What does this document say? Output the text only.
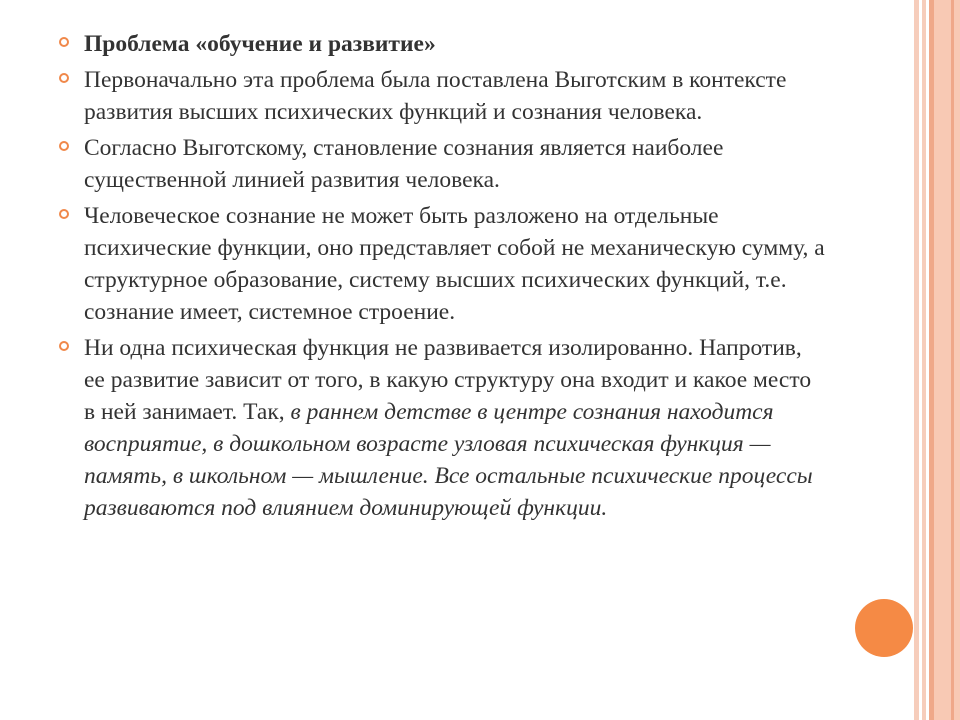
Проблема «обучение и развитие»
Первоначально эта проблема была поставлена Выготским в контексте развития высших психических функций и сознания человека.
Согласно Выготскому, становление сознания является наиболее существенной линией развития человека.
Человеческое сознание не может быть разложено на отдельные психические функции, оно представляет собой не механическую сумму, а структурное образование, систему высших психических функций, т.е. сознание имеет, системное строение.
Ни одна психическая функция не развивается изолированно. Напротив, ее развитие зависит от того, в какую структуру она входит и какое место в ней занимает. Так, в раннем детстве в центре сознания находится восприятие, в дошкольном возрасте узловая психическая функция — память, в школьном — мышление. Все остальные психические процессы развиваются под влиянием доминирующей функции.
